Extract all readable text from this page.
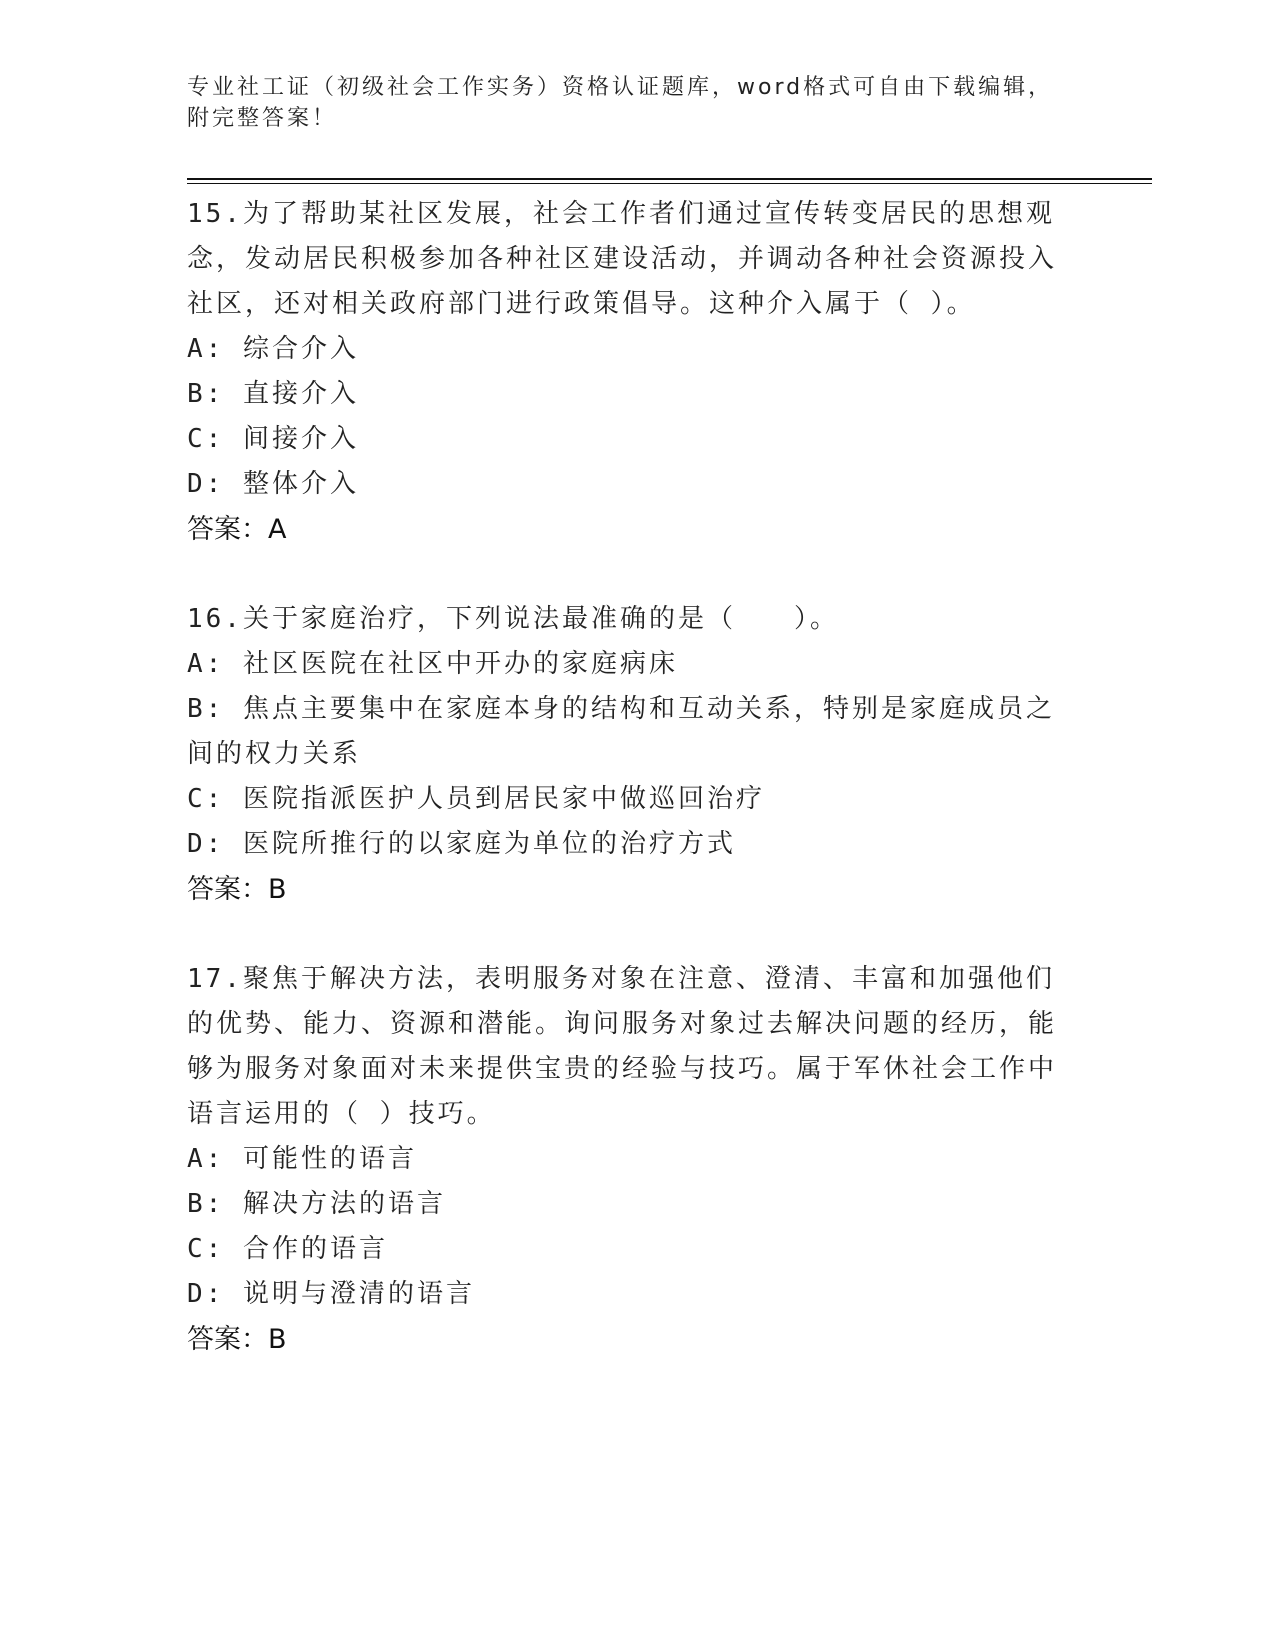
专业社工证（初级社会工作实务）资格认证题库，word格式可自由下载编辑，附完整答案！

15.为了帮助某社区发展，社会工作者们通过宣传转变居民的思想观念，发动居民积极参加各种社区建设活动，并调动各种社会资源投入社区，还对相关政府部门进行政策倡导。这种介入属于（ ）。

A: 综合介入

B: 直接介入

C: 间接介入

D: 整体介入

答案：A

16.关于家庭治疗，下列说法最准确的是（　　）。

A: 社区医院在社区中开办的家庭病床

B: 焦点主要集中在家庭本身的结构和互动关系，特别是家庭成员之间的权力关系

C: 医院指派医护人员到居民家中做巡回治疗

D: 医院所推行的以家庭为单位的治疗方式

答案：B

17.聚焦于解决方法，表明服务对象在注意、澄清、丰富和加强他们的优势、能力、资源和潜能。询问服务对象过去解决问题的经历，能够为服务对象面对未来提供宝贵的经验与技巧。属于军休社会工作中语言运用的（ ）技巧。

A: 可能性的语言

B: 解决方法的语言

C: 合作的语言

D: 说明与澄清的语言

答案：B
